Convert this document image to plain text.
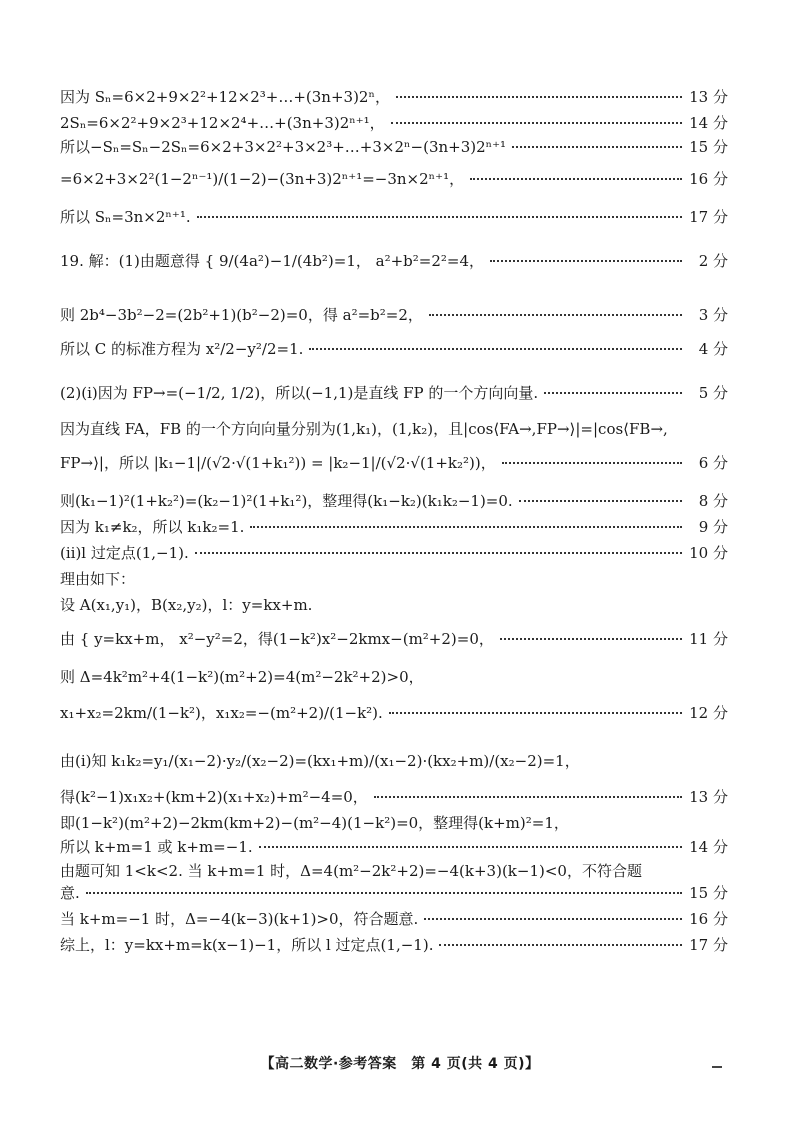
因为 Sₙ=6×2+9×2²+12×2³+…+(3n+3)2ⁿ，	13 分
2Sₙ=6×2²+9×2³+12×2⁴+…+(3n+3)2ⁿ⁺¹，	14 分
所以−Sₙ=Sₙ−2Sₙ=6×2+3×2²+3×2³+…+3×2ⁿ−(3n+3)2ⁿ⁺¹	15 分
=6×2+3×2²(1−2ⁿ⁻¹)/(1−2)−(3n+3)2ⁿ⁺¹=−3n×2ⁿ⁺¹，	16 分
所以 Sₙ=3n×2ⁿ⁺¹.	17 分
19. 解：(1)由题意得 { 9/(4a²)−1/(4b²)=1， a²+b²=2²=4，	2 分
则 2b⁴−3b²−2=(2b²+1)(b²−2)=0，得 a²=b²=2，	3 分
所以 C 的标准方程为 x²/2−y²/2=1.	4 分
(2)(ⅰ)因为 FP→=(−1/2, 1/2)，所以(−1,1)是直线 FP 的一个方向向量.	5 分
因为直线 FA，FB 的一个方向向量分别为(1,k₁)，(1,k₂)，且|cos⟨FA→,FP→⟩|=|cos⟨FB→,
FP→⟩|，所以 |k₁−1|/(√2·√(1+k₁²)) = |k₂−1|/(√2·√(1+k₂²))，	6 分
则(k₁−1)²(1+k₂²)=(k₂−1)²(1+k₁²)，整理得(k₁−k₂)(k₁k₂−1)=0.	8 分
因为 k₁≠k₂，所以 k₁k₂=1.	9 分
(ⅱ)l 过定点(1,−1).	10 分
理由如下：
设 A(x₁,y₁)，B(x₂,y₂)，l：y=kx+m.
由 { y=kx+m， x²−y²=2，得(1−k²)x²−2kmx−(m²+2)=0，	11 分
则 Δ=4k²m²+4(1−k²)(m²+2)=4(m²−2k²+2)>0，
x₁+x₂=2km/(1−k²)，x₁x₂=−(m²+2)/(1−k²).	12 分
由(ⅰ)知 k₁k₂=y₁/(x₁−2)·y₂/(x₂−2)=(kx₁+m)/(x₁−2)·(kx₂+m)/(x₂−2)=1，
得(k²−1)x₁x₂+(km+2)(x₁+x₂)+m²−4=0，	13 分
即(1−k²)(m²+2)−2km(km+2)−(m²−4)(1−k²)=0，整理得(k+m)²=1，
所以 k+m=1 或 k+m=−1.	14 分
由题可知 1<k<2. 当 k+m=1 时，Δ=4(m²−2k²+2)=−4(k+3)(k−1)<0，不符合题
意.	15 分
当 k+m=−1 时，Δ=−4(k−3)(k+1)>0，符合题意.	16 分
综上，l：y=kx+m=k(x−1)−1，所以 l 过定点(1,−1).	17 分
【高二数学·参考答案　第 4 页(共 4 页)】
